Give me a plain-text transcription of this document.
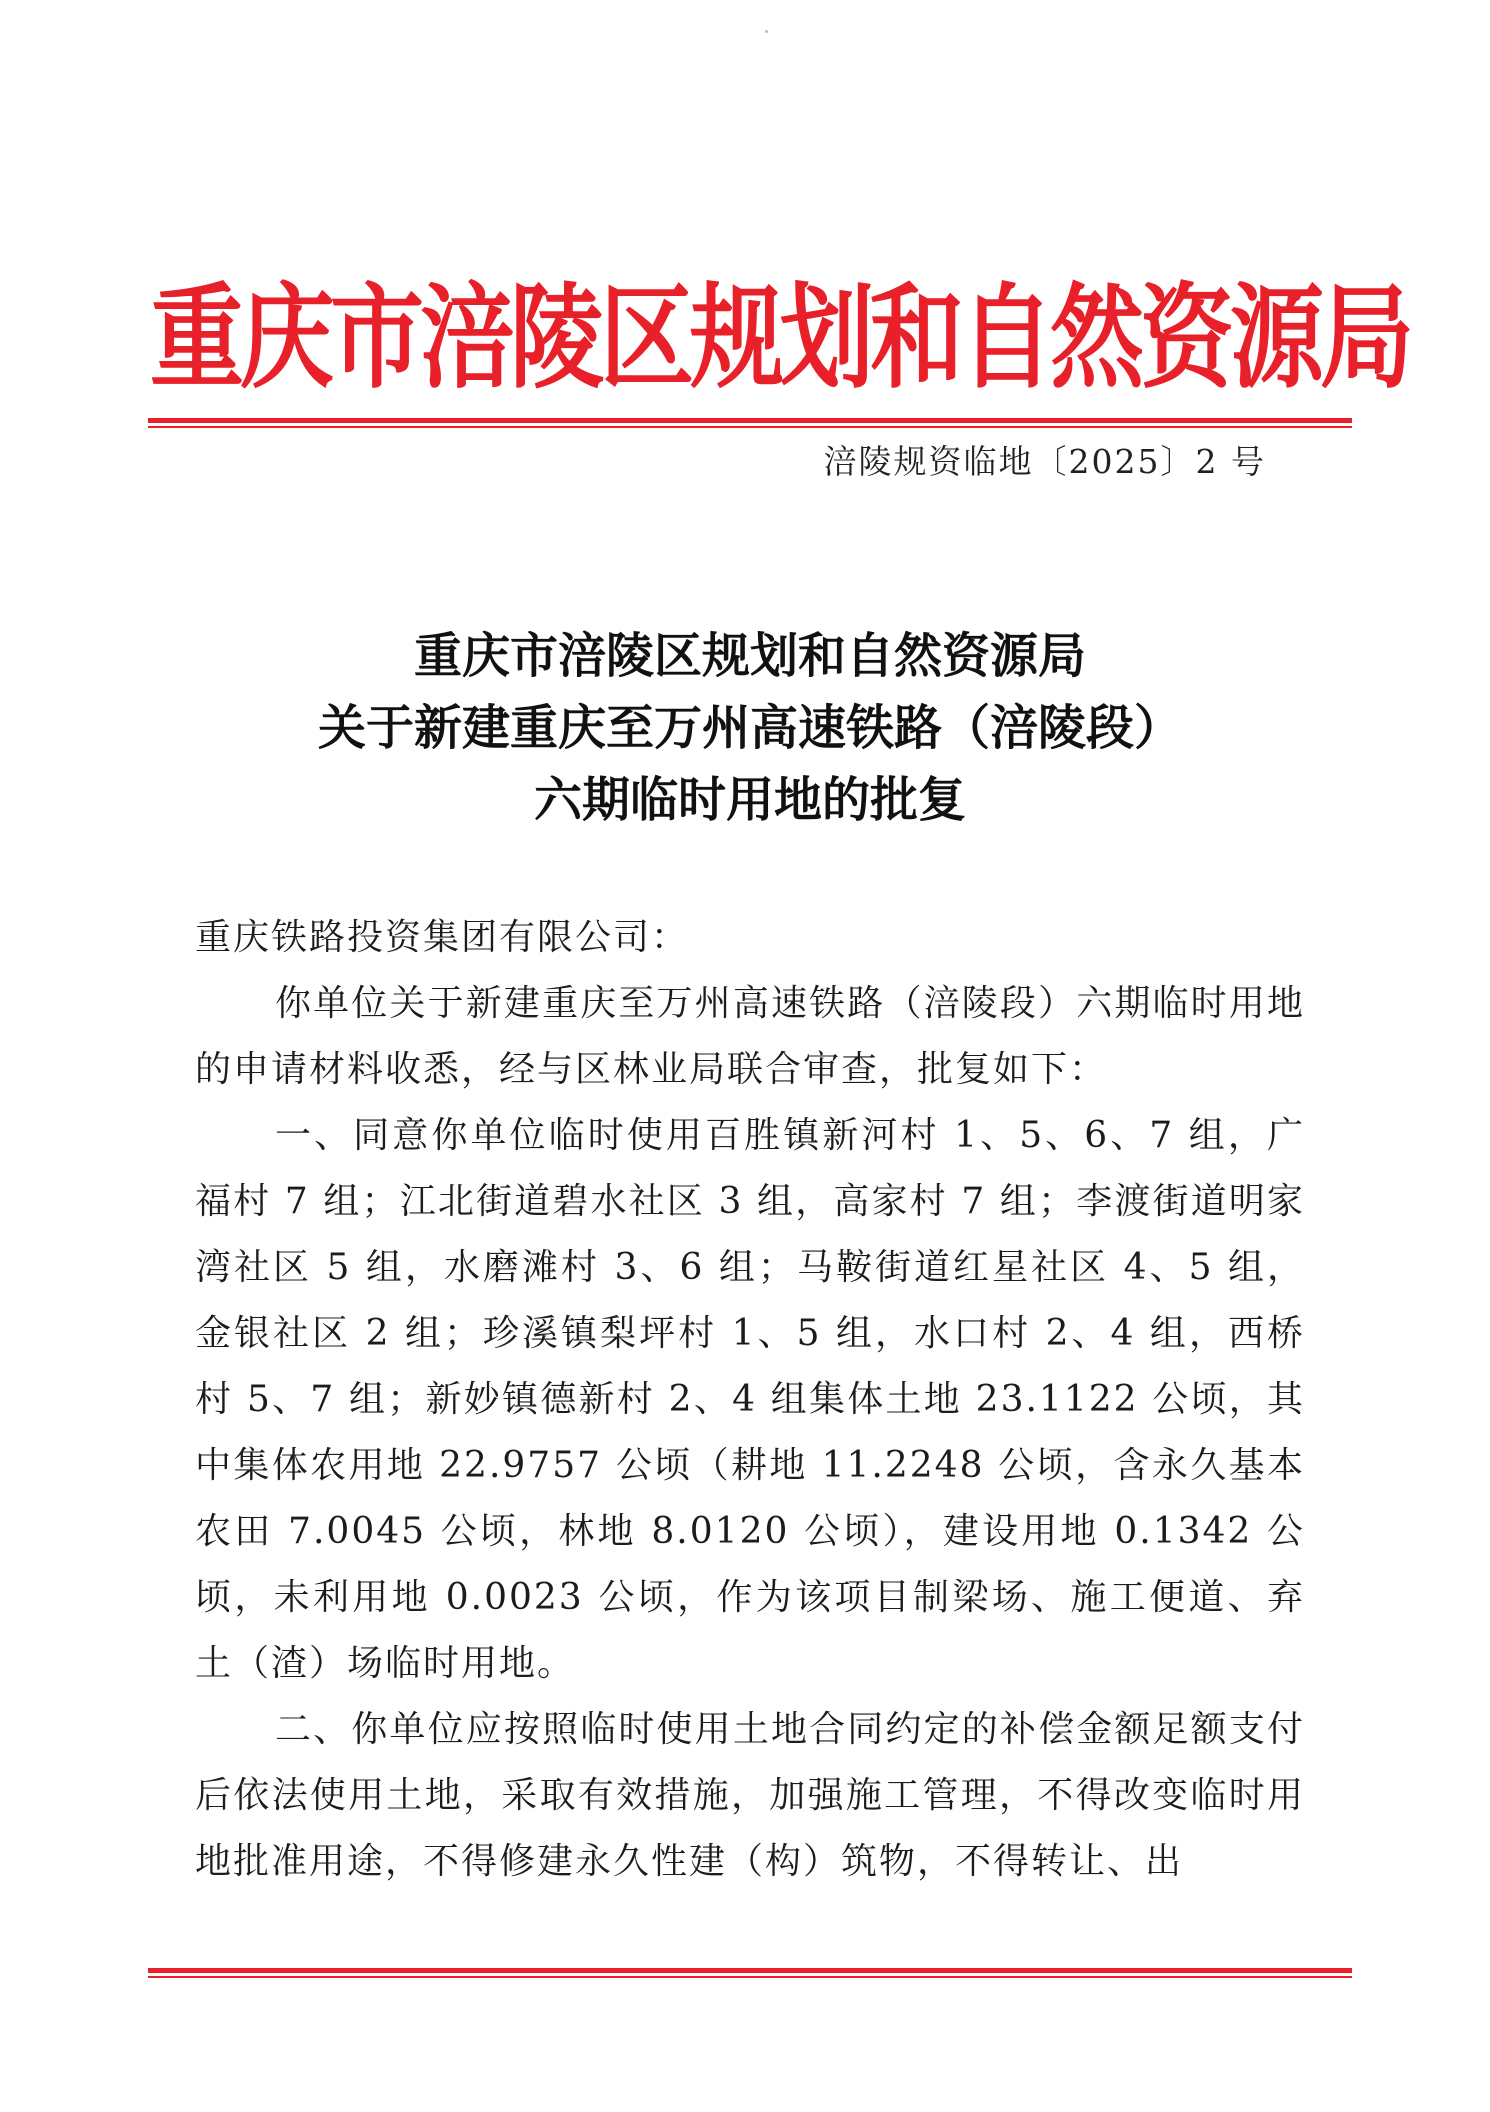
重庆市涪陵区规划和自然资源局
涪陵规资临地〔2025〕2 号
重庆市涪陵区规划和自然资源局
关于新建重庆至万州高速铁路（涪陵段）
六期临时用地的批复

重庆铁路投资集团有限公司：

你单位关于新建重庆至万州高速铁路（涪陵段）六期临时用地的申请材料收悉，经与区林业局联合审查，批复如下：

一、同意你单位临时使用百胜镇新河村 1、5、6、7 组，广福村 7 组；江北街道碧水社区 3 组，高家村 7 组；李渡街道明家湾社区 5 组，水磨滩村 3、6 组；马鞍街道红星社区 4、5 组，金银社区 2 组；珍溪镇梨坪村 1、5 组，水口村 2、4 组，西桥村 5、7 组；新妙镇德新村 2、4 组集体土地 23.1122 公顷，其中集体农用地 22.9757 公顷（耕地 11.2248 公顷，含永久基本农田 7.0045 公顷，林地 8.0120 公顷），建设用地 0.1342 公顷，未利用地 0.0023 公顷，作为该项目制梁场、施工便道、弃土（渣）场临时用地。

二、你单位应按照临时使用土地合同约定的补偿金额足额支付后依法使用土地，采取有效措施，加强施工管理，不得改变临时用地批准用途，不得修建永久性建（构）筑物，不得转让、出
